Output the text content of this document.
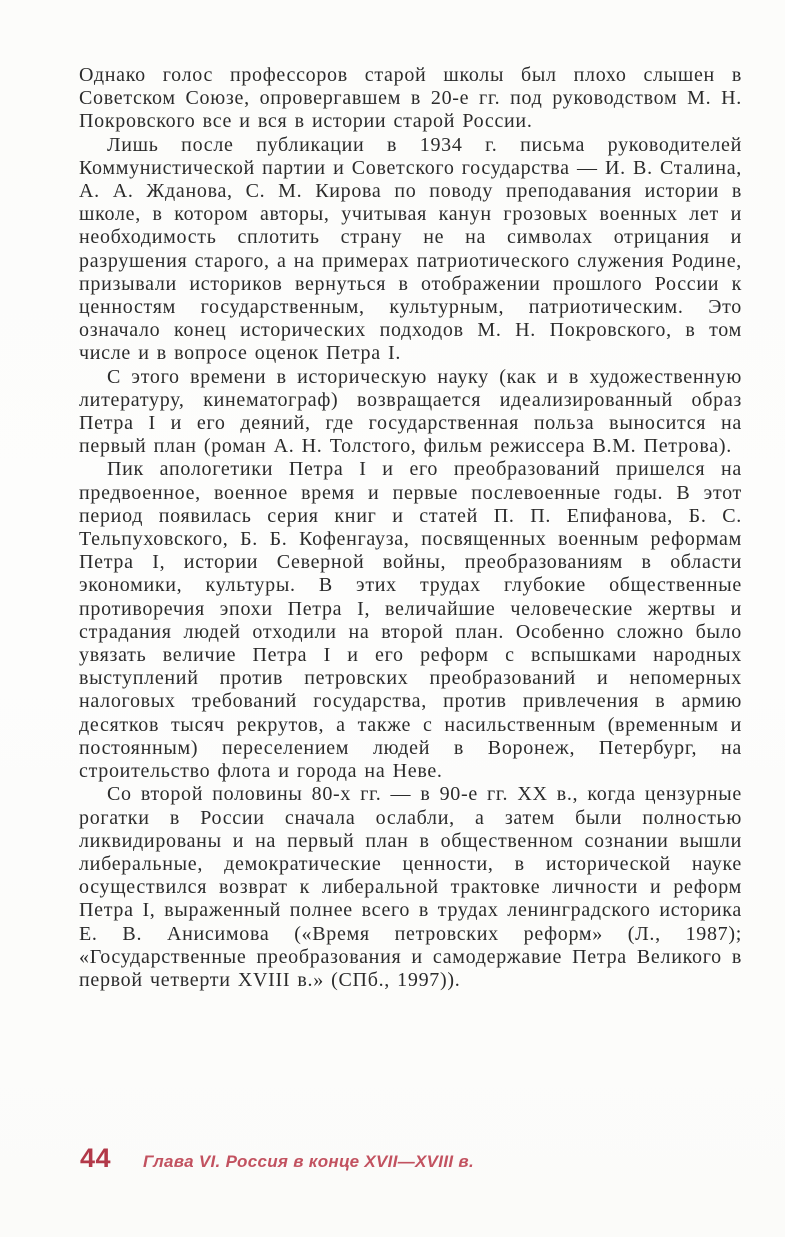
Однако голос профессоров старой школы был плохо слышен в Советском Союзе, опровергавшем в 20-е гг. под руководством М. Н. Покровского все и вся в истории старой России.

Лишь после публикации в 1934 г. письма руководителей Коммунистической партии и Советского государства — И. В. Сталина, А. А. Жданова, С. М. Кирова по поводу преподавания истории в школе, в котором авторы, учитывая канун грозовых военных лет и необходимость сплотить страну не на символах отрицания и разрушения старого, а на примерах патриотического служения Родине, призывали историков вернуться в отображении прошлого России к ценностям государственным, культурным, патриотическим. Это означало конец исторических подходов М. Н. Покровского, в том числе и в вопросе оценок Петра I.

С этого времени в историческую науку (как и в художественную литературу, кинематограф) возвращается идеализированный образ Петра I и его деяний, где государственная польза выносится на первый план (роман А. Н. Толстого, фильм режиссера В.М. Петрова).

Пик апологетики Петра I и его преобразований пришелся на предвоенное, военное время и первые послевоенные годы. В этот период появилась серия книг и статей П. П. Епифанова, Б. С. Тельпуховского, Б. Б. Кофенгауза, посвященных военным реформам Петра I, истории Северной войны, преобразованиям в области экономики, культуры. В этих трудах глубокие общественные противоречия эпохи Петра I, величайшие человеческие жертвы и страдания людей отходили на второй план. Особенно сложно было увязать величие Петра I и его реформ с вспышками народных выступлений против петровских преобразований и непомерных налоговых требований государства, против привлечения в армию десятков тысяч рекрутов, а также с насильственным (временным и постоянным) переселением людей в Воронеж, Петербург, на строительство флота и города на Неве.

Со второй половины 80-х гг. — в 90-е гг. XX в., когда цензурные рогатки в России сначала ослабли, а затем были полностью ликвидированы и на первый план в общественном сознании вышли либеральные, демократические ценности, в исторической науке осуществился возврат к либеральной трактовке личности и реформ Петра I, выраженный полнее всего в трудах ленинградского историка Е. В. Анисимова («Время петровских реформ» (Л., 1987); «Государственные преобразования и самодержавие Петра Великого в первой четверти XVIII в.» (СПб., 1997)).

44 Глава VI. Россия в конце XVII—XVIII в.
